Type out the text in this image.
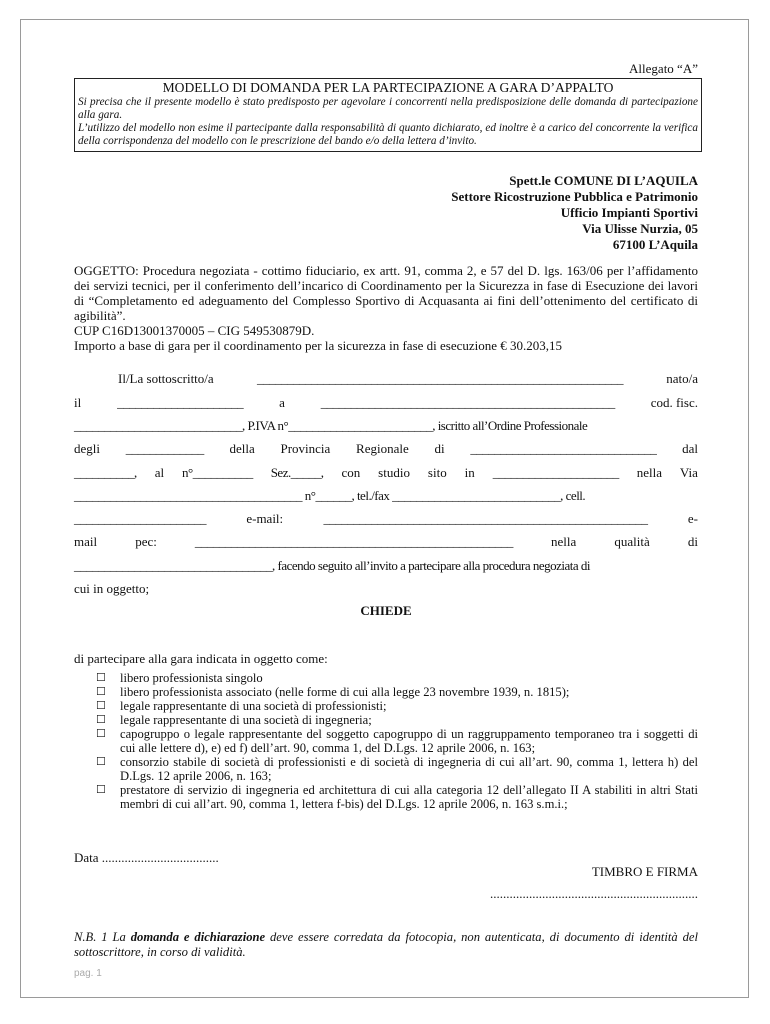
Allegato “A”
MODELLO DI DOMANDA PER LA PARTECIPAZIONE A GARA D’APPALTO
Si precisa che il presente modello è stato predisposto per agevolare i concorrenti nella predisposizione delle domanda di partecipazione alla gara.
L’utilizzo del modello non esime il partecipante dalla responsabilità di quanto dichiarato, ed inoltre è a carico del concorrente la verifica della corrispondenza del modello con le prescrizione del bando e/o della lettera d’invito.
Spett.le COMUNE DI L’AQUILA
Settore Ricostruzione Pubblica e Patrimonio
Ufficio Impianti Sportivi
Via Ulisse Nurzia, 05
67100 L’Aquila
OGGETTO: Procedura negoziata - cottimo fiduciario, ex artt. 91, comma 2, e 57 del D. lgs. 163/06 per l’affidamento dei servizi tecnici, per il conferimento dell’incarico di Coordinamento per la Sicurezza in fase di Esecuzione dei lavori di “Completamento ed adeguamento del Complesso Sportivo di Acquasanta ai fini dell’ottenimento del certificato di agibilità”.
CUP C16D13001370005 – CIG 549530879D.
Importo a base di gara per il coordinamento per la sicurezza in fase di esecuzione € 30.203,15
Il/La sottoscritto/a	_____________________________________________________________	nato/a
il	_____________________	a	_________________________________________________	cod. fisc.
____________________________, P.IVA n°________________________, iscritto all’Ordine Professionale
degli _____________ della Provincia Regionale di _______________________________ dal
__________, al n°__________ Sez._____, con studio sito in _____________________ nella Via
______________________________________ n°______, tel./fax ____________________________, cell.
______________________	e-mail:	______________________________________________________	e-
mail	pec:	_____________________________________________________	nella	qualità	di
_________________________________, facendo seguito all’invito a partecipare alla procedura negoziata di
cui in oggetto;
CHIEDE
di partecipare alla gara indicata in oggetto come:
☐	libero professionista singolo
☐	libero professionista associato (nelle forme di cui alla legge 23 novembre 1939, n. 1815);
☐	legale rappresentante di una società di professionisti;
☐	legale rappresentante di una società di ingegneria;
☐	capogruppo o legale rappresentante del soggetto capogruppo di un raggruppamento temporaneo tra i soggetti di cui alle lettere d), e) ed f) dell’art. 90, comma 1, del D.Lgs. 12 aprile 2006, n. 163;
☐	consorzio stabile di società di professionisti e di società di ingegneria di cui all’art. 90, comma 1, lettera h) del D.Lgs. 12 aprile 2006, n. 163;
☐	prestatore di servizio di ingegneria ed architettura di cui alla categoria 12 dell’allegato II A stabiliti in altri Stati membri di cui all’art. 90, comma 1, lettera f-bis) del D.Lgs. 12 aprile 2006, n. 163 s.m.i.;
Data ....................................
TIMBRO E FIRMA
................................................................
N.B. 1 La domanda e dichiarazione deve essere corredata da fotocopia, non autenticata, di documento di identità del sottoscrittore, in corso di validità.
pag. 1
